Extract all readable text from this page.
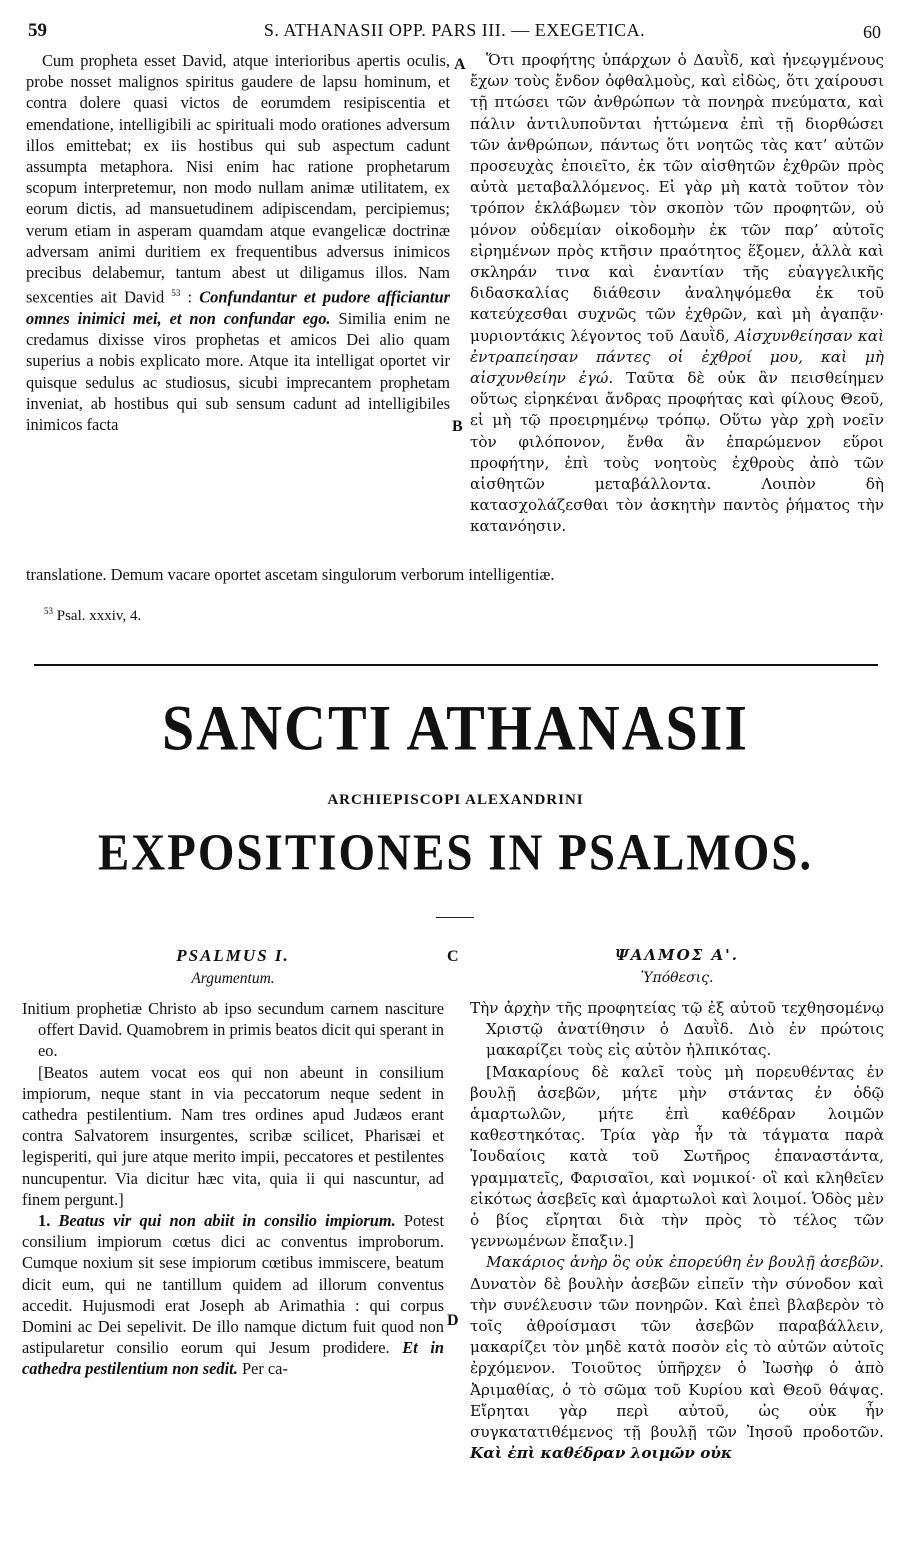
59	S. ATHANASII OPP. PARS III. — EXEGETICA.	60

Cum propheta esset David, atque interioribus apertis oculis, probe nosset malignos spiritus gaudere de lapsu hominum, et contra dolere quasi victos de eorumdem resipiscentia et emendatione, intelligibili ac spirituali modo orationes adversum illos emittebat; ex iis hostibus qui sub aspectum cadunt assumpta metaphora. Nisi enim hac ratione prophetarum scopum interpretemur, non modo nullam animæ utilitatem, ex eorum dictis, ad mansuetudinem adipiscendam, percipiemus; verum etiam in asperam quamdam atque evangelicæ doctrinæ adversam animi duritiem ex frequentibus adversus inimicos precibus delabemur, tantum abest ut diligamus illos. Nam sexcenties ait David $^{53}$ : Confundantur et pudore afficiantur omnes inimici mei, et non confundar ego. Similia enim ne credamus dixisse viros prophetas et amicos Dei alio quam superius a nobis explicato more. Atque ita intelligat oportet vir quisque sedulus ac studiosus, sicubi imprecantem prophetam inveniat, ab hostibus qui sub sensum cadunt ad intelligibiles inimicos facta

Ὅτι προφήτης ὑπάρχων ὁ Δαυῒδ, καὶ ἠνεῳγμένους ἔχων τοὺς ἔνδον ὀφθαλμοὺς, καὶ εἰδὼς, ὅτι χαίρουσι τῇ πτώσει τῶν ἀνθρώπων τὰ πονηρὰ πνεύματα, καὶ πάλιν ἀντιλυποῦνται ἡττώμενα ἐπὶ τῇ διορθώσει τῶν ἀνθρώπων, πάντως ὅτι νοητῶς τὰς κατ’ αὐτῶν προσευχὰς ἐποιεῖτο, ἐκ τῶν αἰσθητῶν ἐχθρῶν πρὸς αὐτὰ μεταβαλλόμενος. Εἰ γὰρ μὴ κατὰ τοῦτον τὸν τρόπον ἐκλάβωμεν τὸν σκοπὸν τῶν προφητῶν, οὐ μόνον οὐδεμίαν οἰκοδομὴν ἐκ τῶν παρ’ αὐτοῖς εἰρημένων πρὸς κτῆσιν πραότητος ἕξομεν, ἀλλὰ καὶ σκληράν τινα καὶ ἐναντίαν τῆς εὐαγγελικῆς διδασκαλίας διάθεσιν ἀναληψόμεθα ἐκ τοῦ κατεύχεσθαι συχνῶς τῶν ἐχθρῶν, καὶ μὴ ἀγαπᾷν· μυριοντάκις λέγοντος τοῦ Δαυῒδ, Αἰσχυνθείησαν καὶ ἐντραπείησαν πάντες οἱ ἐχθροί μου, καὶ μὴ αἰσχυνθείην ἐγώ. Ταῦτα δὲ οὐκ ἂν πεισθείημεν οὕτως εἰρηκέναι ἄνδρας προφήτας καὶ φίλους Θεοῦ, εἰ μὴ τῷ προειρημένῳ τρόπῳ. Οὕτω γὰρ χρὴ νοεῖν τὸν φιλόπονον, ἔνθα ἂν ἐπαρώμενον εὕροι προφήτην, ἐπὶ τοὺς νοητοὺς ἐχθροὺς ἀπὸ τῶν αἰσθητῶν μεταβάλλοντα. Λοιπὸν δὴ κατασχολάζεσθαι τὸν ἀσκητὴν παντὸς ῥήματος τὴν κατανόησιν.

translatione. Demum vacare oportet ascetam singulorum verborum intelligentiæ.
$^{53}$ Psal. xxxiv, 4.
A
B
SANCTI ATHANASII
ARCHIEPISCOPI ALEXANDRINI
EXPOSITIONES IN PSALMOS.
PSALMUS I.
Argumentum.
C	ΨΑΛΜΟΣ Α'.
Ὑπόθεσις.

Initium prophetiæ Christo ab ipso secundum carnem nasciture offert David. Quamobrem in primis beatos dicit qui sperant in eo.

[Beatos autem vocat eos qui non abeunt in consilium impiorum, neque stant in via peccatorum neque sedent in cathedra pestilentium. Nam tres ordines apud Judæos erant contra Salvatorem insurgentes, scribæ scilicet, Pharisæi et legisperiti, qui jure atque merito impii, peccatores et pestilentes nuncupentur. Via dicitur hæc vita, quia ii qui nascuntur, ad finem pergunt.]

1. Beatus vir qui non abiit in consilio impiorum. Potest consilium impiorum cœtus dici ac conventus improborum. Cumque noxium sit sese impiorum cœtibus immiscere, beatum dicit eum, qui ne tantillum quidem ad illorum conventus accedit. Hujusmodi erat Joseph ab Arimathia : qui corpus Domini ac Dei sepelivit. De illo namque dictum fuit quod non astipularetur consilio eorum qui Jesum prodidere. Et in cathedra pestilentium non sedit. Per ca-

D

Τὴν ἀρχὴν τῆς προφητείας τῷ ἐξ αὐτοῦ τεχθησομένῳ Χριστῷ ἀνατίθησιν ὁ Δαυῒδ. Διὸ ἐν πρώτοις μακαρίζει τοὺς εἰς αὐτὸν ἠλπικότας.

[Μακαρίους δὲ καλεῖ τοὺς μὴ πορευθέντας ἐν βουλῇ ἀσεβῶν, μήτε μὴν στάντας ἐν ὁδῷ ἁμαρτωλῶν, μήτε ἐπὶ καθέδραν λοιμῶν καθεστηκότας. Τρία γὰρ ἦν τὰ τάγματα παρὰ Ἰουδαίοις κατὰ τοῦ Σωτῆρος ἐπαναστάντα, γραμματεῖς, Φαρισαῖοι, καὶ νομικοί· οἳ καὶ κληθεῖεν εἰκότως ἀσεβεῖς καὶ ἁμαρτωλοὶ καὶ λοιμοί. Ὁδὸς μὲν ὁ βίος εἴρηται διὰ τὴν πρὸς τὸ τέλος τῶν γεννωμένων ἔπαξιν.]

Μακάριος ἀνὴρ ὃς οὐκ ἐπορεύθη ἐν βουλῇ ἀσεβῶν. Δυνατὸν δὲ βουλὴν ἀσεβῶν εἰπεῖν τὴν σύνοδον καὶ τὴν συνέλευσιν τῶν πονηρῶν. Καὶ ἐπεὶ βλαβερὸν τὸ τοῖς ἀθροίσμασι τῶν ἀσεβῶν παραβάλλειν, μακαρίζει τὸν μηδὲ κατὰ ποσὸν εἰς τὸ αὐτῶν αὐτοῖς ἐρχόμενον. Τοιοῦτος ὑπῆρχεν ὁ Ἰωσὴφ ὁ ἀπὸ Ἀριμαθίας, ὁ τὸ σῶμα τοῦ Κυρίου καὶ Θεοῦ θάψας. Εἴρηται γὰρ περὶ αὐτοῦ, ὡς οὐκ ἦν συγκατατιθέμενος τῇ βουλῇ τῶν Ἰησοῦ προδοτῶν. Καὶ ἐπὶ καθέδραν λοιμῶν οὐκ
